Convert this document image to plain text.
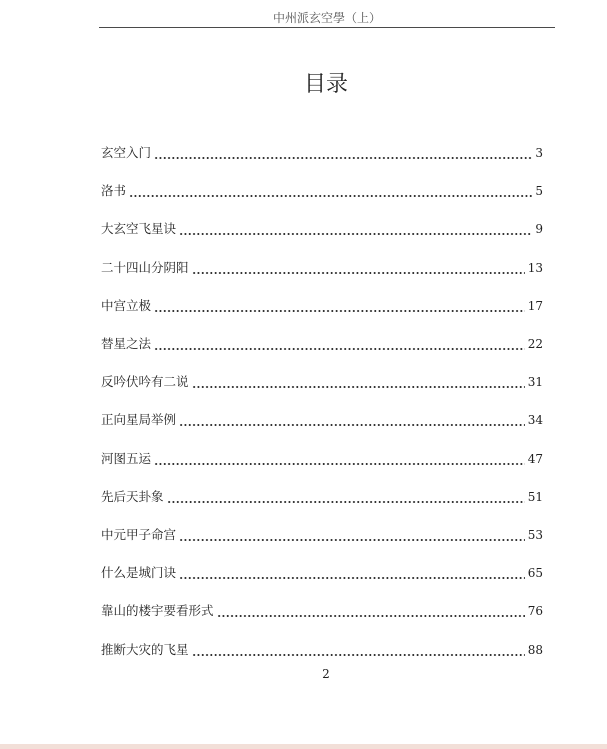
中州派玄空學（上）
目录
玄空入门	3
洛书	5
大玄空飞星诀	9
二十四山分阴阳	13
中宫立极	17
替星之法	22
反吟伏吟有二说	31
正向星局举例	34
河图五运	47
先后天卦象	51
中元甲子命宫	53
什么是城门诀	65
靠山的楼宇要看形式	76
推断大灾的飞星	88
2
